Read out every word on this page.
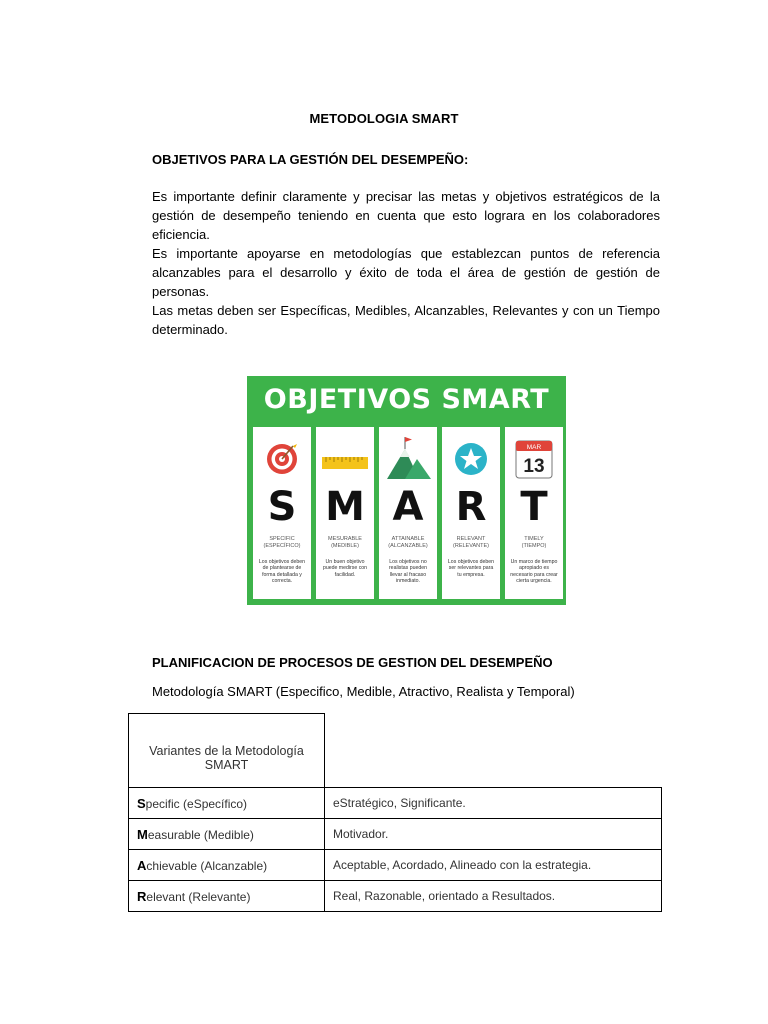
METODOLOGIA SMART
OBJETIVOS PARA LA GESTIÓN DEL DESEMPEÑO:
Es importante definir claramente y precisar las metas y objetivos estratégicos de la gestión de desempeño teniendo en cuenta que esto lograra en los colaboradores eficiencia.
Es importante apoyarse en metodologías que establezcan puntos de referencia alcanzables para el desarrollo y éxito de toda el área de gestión de gestión de personas.
Las metas deben ser Específicas, Medibles, Alcanzables, Relevantes y con un Tiempo determinado.
OBJETIVOS SMART
S
SPECIFIC
(ESPECÍFICO)
Los objetivos deben de plantearse de forma detallada y correcta.
M
MESURABLE
(MEDIBLE)
Un buen objetivo puede medirse con facilidad.
A
ATTAINABLE
(ALCANZABLE)
Los objetivos no realistas pueden llevar al fracaso inmediato.
R
RELEVANT
(RELEVANTE)
Los objetivos deben ser relevantes para tu empresa.
MAR
13
T
TIMELY
(TIEMPO)
Un marco de tiempo apropiado es necesario para crear cierta urgencia.
PLANIFICACION DE PROCESOS DE GESTION DEL DESEMPEÑO
Metodología SMART (Especifico, Medible, Atractivo, Realista y Temporal)
Variantes de la Metodología SMART	
Specific (eSpecífico)	eStratégico, Significante.
Measurable (Medible)	Motivador.
Achievable (Alcanzable)	Aceptable, Acordado, Alineado con la estrategia.
Relevant (Relevante)	Real, Razonable, orientado a Resultados.
